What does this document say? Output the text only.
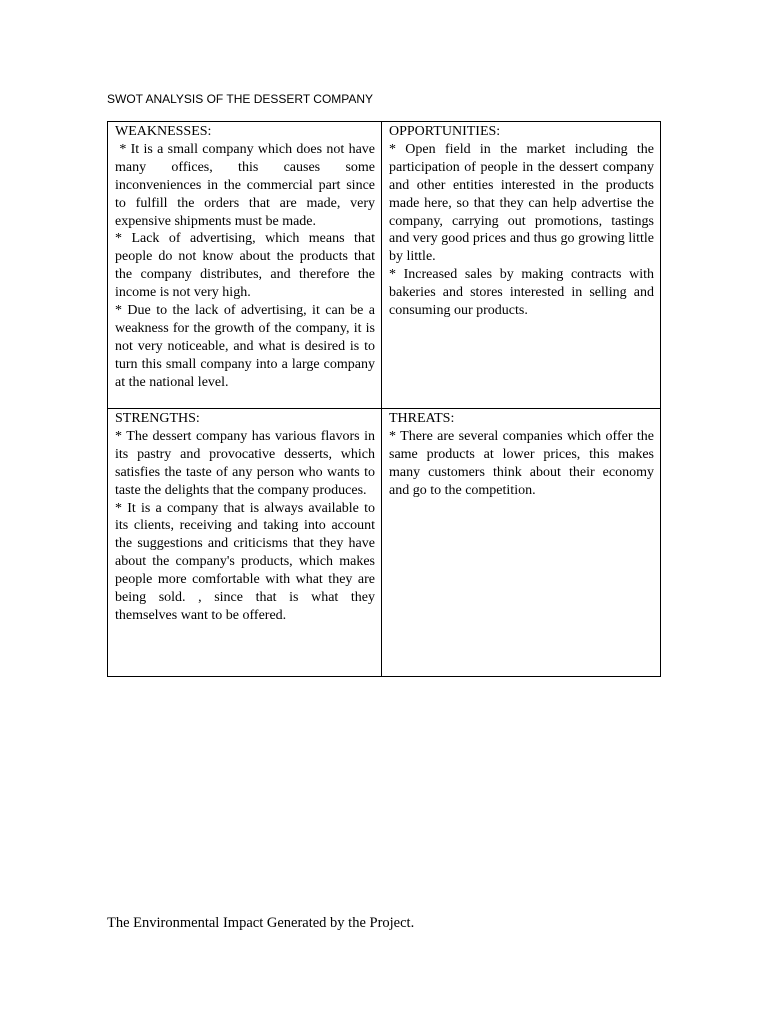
SWOT ANALYSIS OF THE DESSERT COMPANY
WEAKNESSES:
* It is a small company which does not have many offices, this causes some inconveniences in the commercial part since to fulfill the orders that are made, very expensive shipments must be made.
* Lack of advertising, which means that people do not know about the products that the company distributes, and therefore the income is not very high.
* Due to the lack of advertising, it can be a weakness for the growth of the company, it is not very noticeable, and what is desired is to turn this small company into a large company at the national level.
OPPORTUNITIES:
* Open field in the market including the participation of people in the dessert company and other entities interested in the products made here, so that they can help advertise the company, carrying out promotions, tastings and very good prices and thus go growing little by little.
* Increased sales by making contracts with bakeries and stores interested in selling and consuming our products.
STRENGTHS:
* The dessert company has various flavors in its pastry and provocative desserts, which satisfies the taste of any person who wants to taste the delights that the company produces.
* It is a company that is always available to its clients, receiving and taking into account the suggestions and criticisms that they have about the company's products, which makes people more comfortable with what they are being sold. , since that is what they themselves want to be offered.
THREATS:
* There are several companies which offer the same products at lower prices, this makes many customers think about their economy and go to the competition.
The Environmental Impact Generated by the Project.
